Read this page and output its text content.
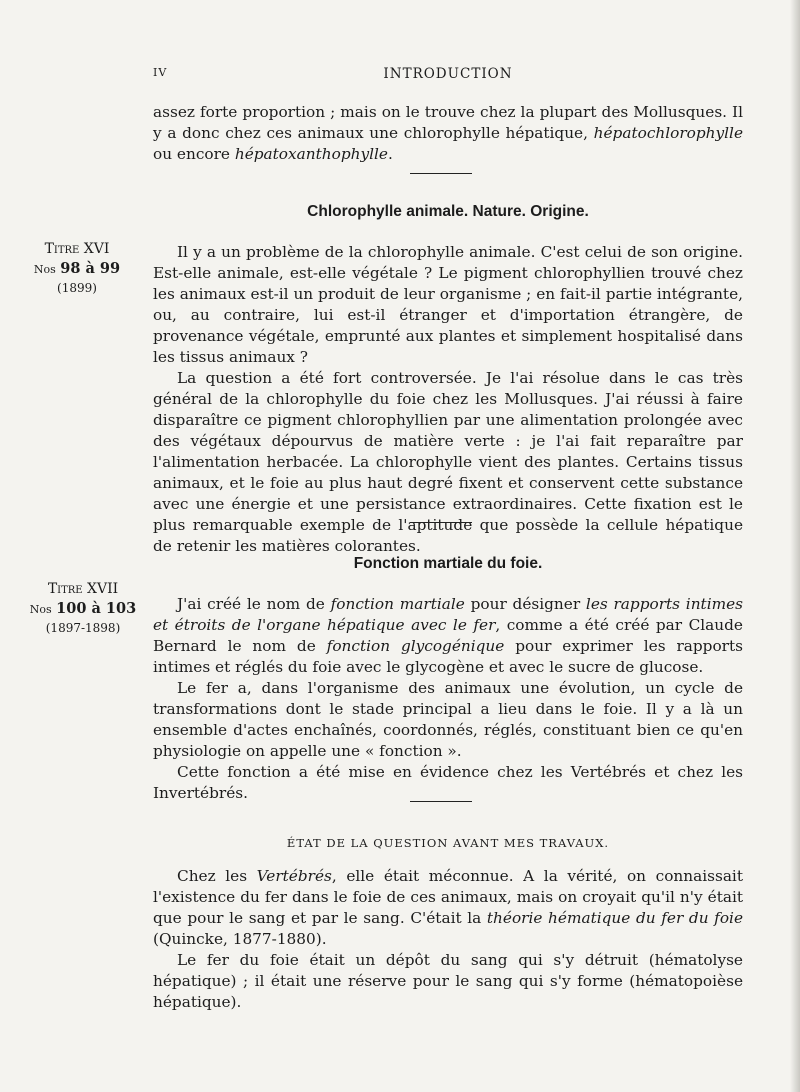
IV	INTRODUCTION

assez forte proportion ; mais on le trouve chez la plupart des Mollusques. Il y a donc chez ces animaux une chlorophylle hépatique, hépatochlorophylle ou encore hépatoxanthophylle.

Chlorophylle animale. Nature. Origine.
Titre XVI
Nos 98 à 99
(1899)

Il y a un problème de la chlorophylle animale. C'est celui de son origine. Est-elle animale, est-elle végétale ? Le pigment chlorophyllien trouvé chez les animaux est-il un produit de leur organisme ; en fait-il partie intégrante, ou, au contraire, lui est-il étranger et d'importation étrangère, de provenance végétale, emprunté aux plantes et simplement hospitalisé dans les tissus animaux ?

La question a été fort controversée. Je l'ai résolue dans le cas très général de la chlorophylle du foie chez les Mollusques. J'ai réussi à faire disparaître ce pigment chlorophyllien par une alimentation prolongée avec des végétaux dépourvus de matière verte : je l'ai fait reparaître par l'alimentation herbacée. La chlorophylle vient des plantes. Certains tissus animaux, et le foie au plus haut degré fixent et conservent cette substance avec une énergie et une persistance extraordinaires. Cette fixation est le plus remarquable exemple de l'aptitude que possède la cellule hépatique de retenir les matières colorantes.

Fonction martiale du foie.
Titre XVII
Nos 100 à 103
(1897-1898)

J'ai créé le nom de fonction martiale pour désigner les rapports intimes et étroits de l'organe hépatique avec le fer, comme a été créé par Claude Bernard le nom de fonction glycogénique pour exprimer les rapports intimes et réglés du foie avec le glycogène et avec le sucre de glucose.

Le fer a, dans l'organisme des animaux une évolution, un cycle de transformations dont le stade principal a lieu dans le foie. Il y a là un ensemble d'actes enchaînés, coordonnés, réglés, constituant bien ce qu'en physiologie on appelle une « fonction ».

Cette fonction a été mise en évidence chez les Vertébrés et chez les Invertébrés.

ÉTAT DE LA QUESTION AVANT MES TRAVAUX.

Chez les Vertébrés, elle était méconnue. A la vérité, on connaissait l'existence du fer dans le foie de ces animaux, mais on croyait qu'il n'y était que pour le sang et par le sang. C'était la théorie hématique du fer du foie (Quincke, 1877-1880).

Le fer du foie était un dépôt du sang qui s'y détruit (hématolyse hépatique) ; il était une réserve pour le sang qui s'y forme (hématopoièse hépatique).
